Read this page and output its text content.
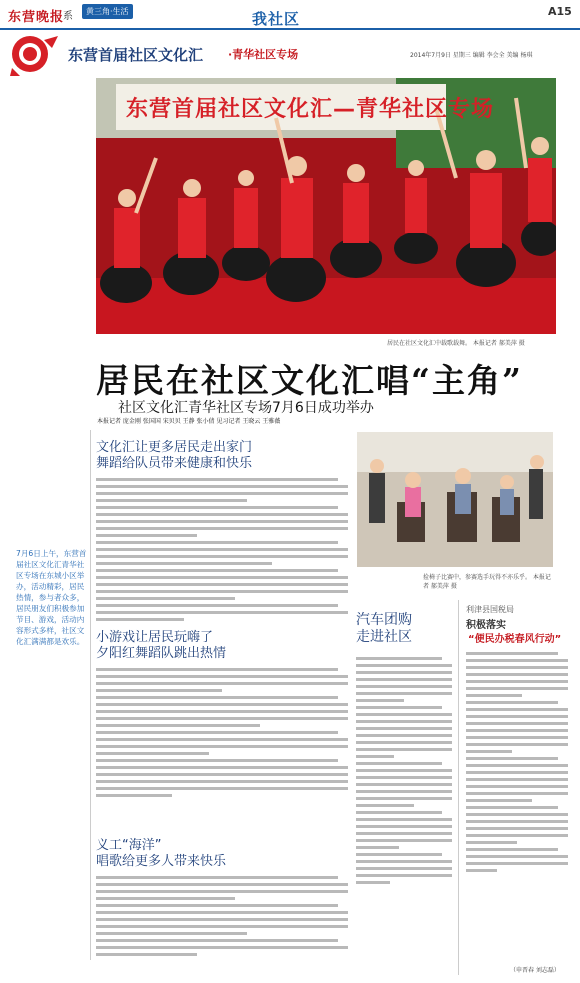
东营晚报
系	黄三角·生活	我社区	A15
东营首届社区文化汇 ·青华社区专场	2014年7月9日 星期三 编辑 李会全 美编 杨琪
东营首届社区文化汇—青华社区专场
居民在社区文化汇中载歌载舞。 本报记者 郝美萍 摄
居民在社区文化汇唱“主角”
社区文化汇青华社区专场7月6日成功举办
本报记者 庞金刚 张国国 宋贝贝 王静 张小倩 见习记者 王晓云 王雅薇
7月6日上午，东营首届社区文化汇青华社区专场在东城小区举办，活动精彩，居民热情，参与者众多，居民朋友们积极参加节目、游戏，活动内容形式多样，社区文化汇满满都是欢乐。
文化汇让更多居民走出家门
舞蹈给队员带来健康和快乐
小游戏让居民玩嗨了
夕阳红舞蹈队跳出热情
义工“海洋”
唱歌给更多人带来快乐
捡椅子比赛中，参赛选手玩得不亦乐乎。 本报记者 郝美萍 摄
汽车团购
走进社区
利津县国税局
积极落实
“便民办税春风行动”
（申晋春 刘志磊）
